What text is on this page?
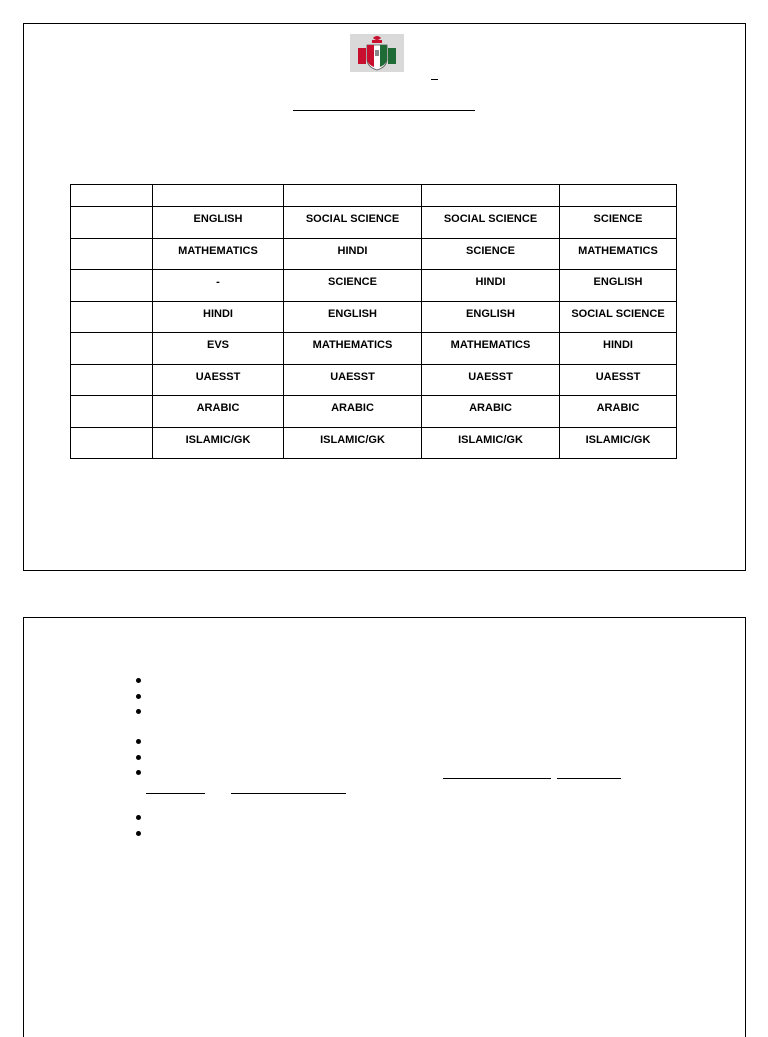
	ENGLISH	SOCIAL SCIENCE	SOCIAL SCIENCE	SCIENCE
	MATHEMATICS	HINDI	SCIENCE	MATHEMATICS
	-	SCIENCE	HINDI	ENGLISH
	HINDI	ENGLISH	ENGLISH	SOCIAL SCIENCE
	EVS	MATHEMATICS	MATHEMATICS	HINDI
	UAESST	UAESST	UAESST	UAESST
	ARABIC	ARABIC	ARABIC	ARABIC
	ISLAMIC/GK	ISLAMIC/GK	ISLAMIC/GK	ISLAMIC/GK
